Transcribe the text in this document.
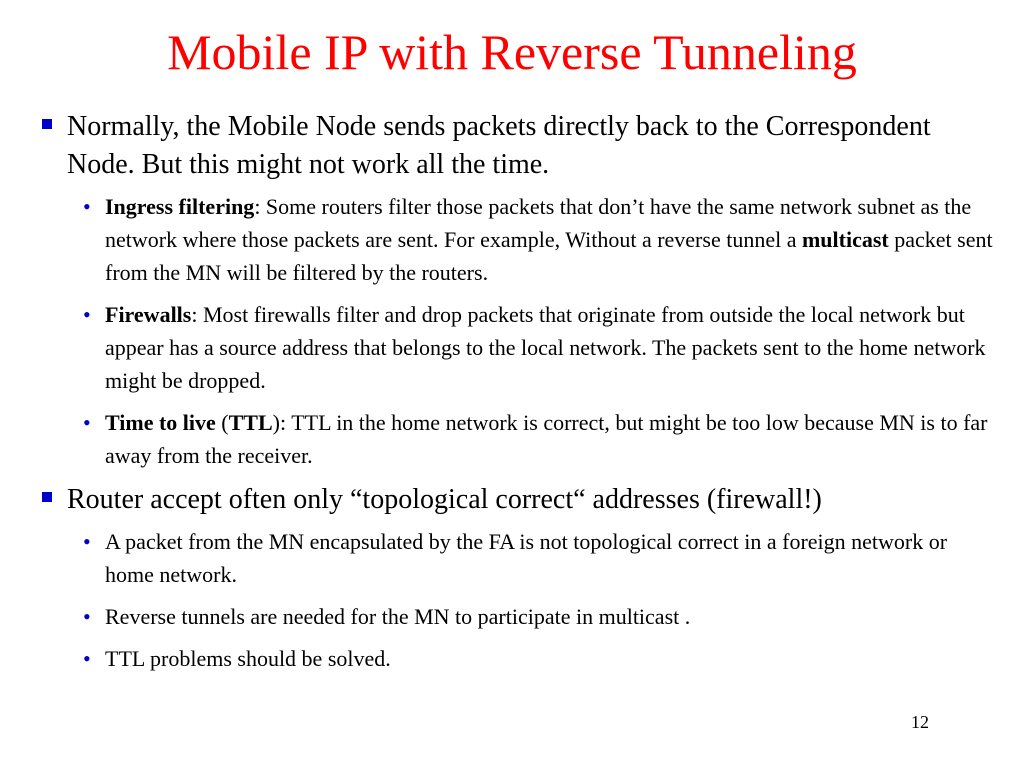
Mobile IP with Reverse Tunneling
Normally, the Mobile Node sends packets directly back to the Correspondent Node. But this might not work all the time.
• Ingress filtering: Some routers filter those packets that don’t have the same network subnet as the network where those packets are sent. For example, Without a reverse tunnel a multicast packet sent from the MN will be filtered by the routers.
• Firewalls: Most firewalls filter and drop packets that originate from outside the local network but appear has a source address that belongs to the local network. The packets sent to the home network might be dropped.
• Time to live (TTL): TTL in the home network is correct, but might be too low because MN is to far away from the receiver.
Router accept often only “topological correct“ addresses (firewall!)
• A packet from the MN encapsulated by the FA is not topological correct in a foreign network or home network.
• Reverse tunnels are needed for the MN to participate in multicast .
• TTL problems should be solved.
12
